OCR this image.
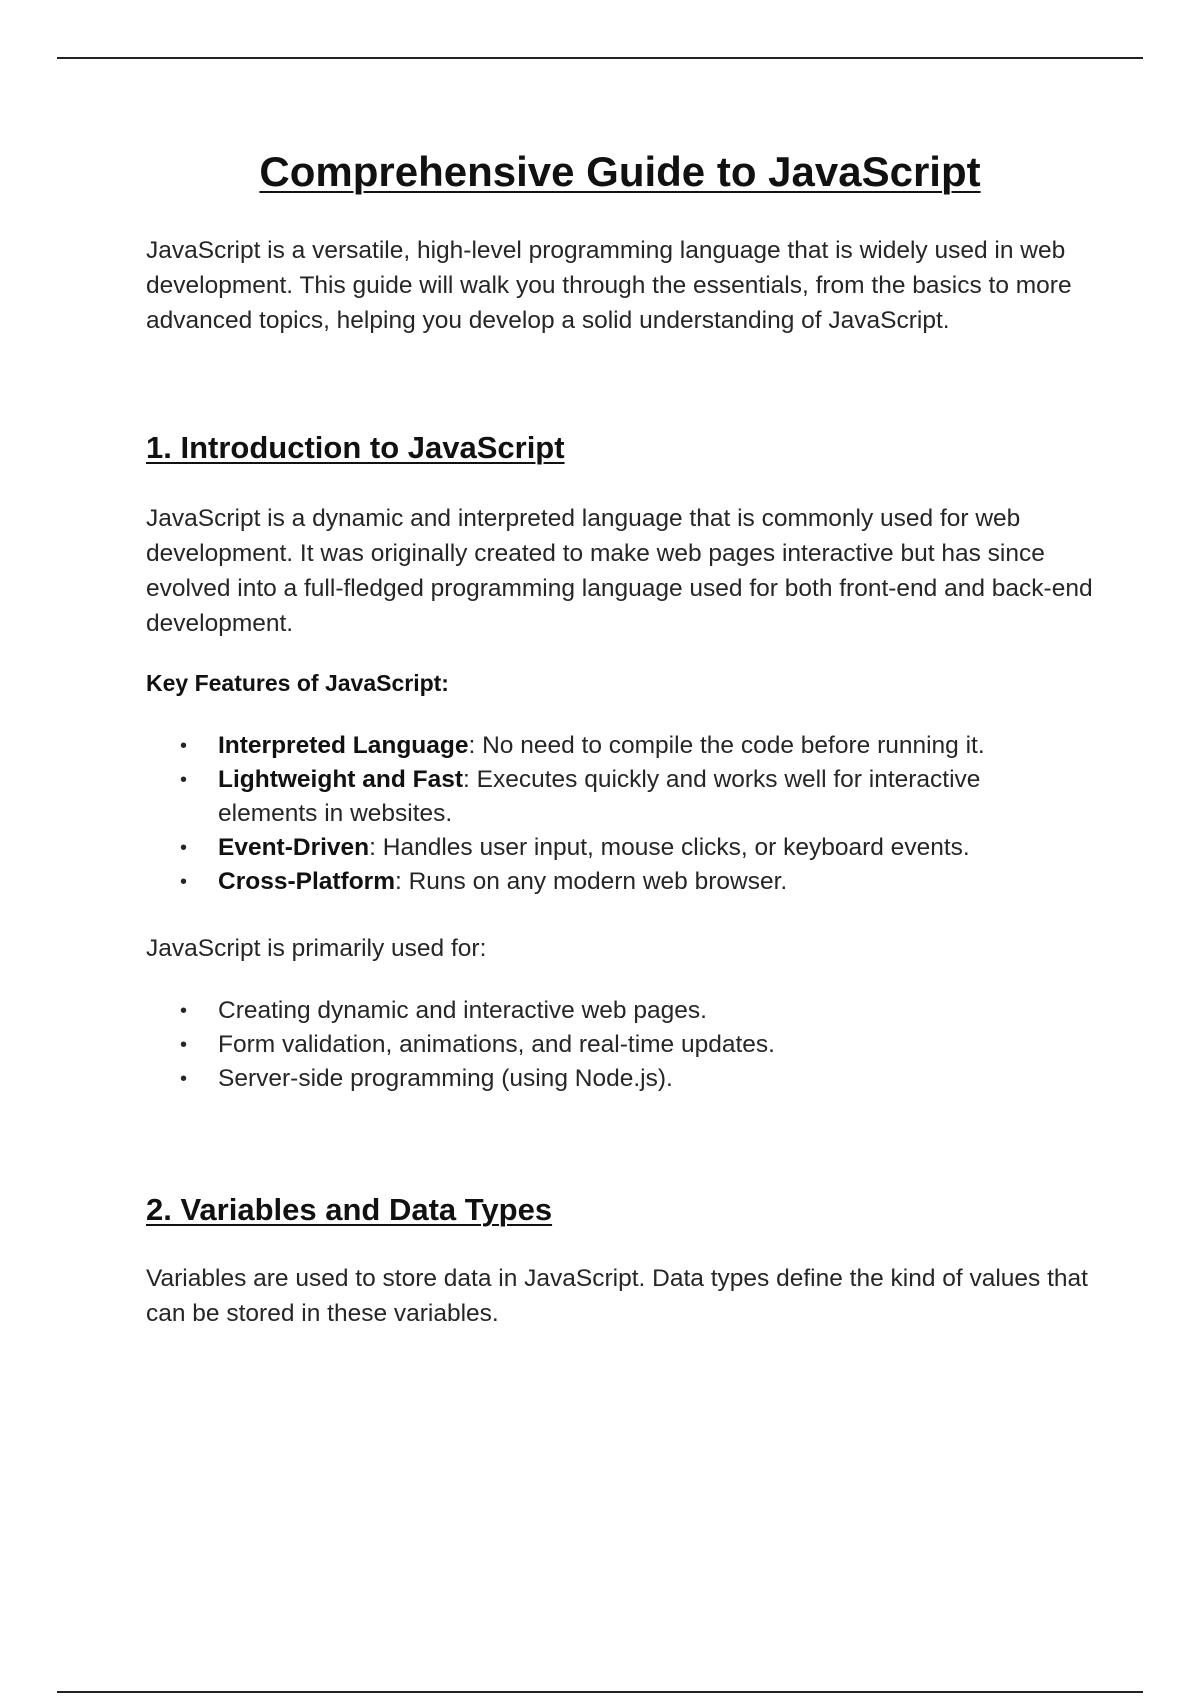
Comprehensive Guide to JavaScript

JavaScript is a versatile, high-level programming language that is widely used in web development. This guide will walk you through the essentials, from the basics to more advanced topics, helping you develop a solid understanding of JavaScript.

1. Introduction to JavaScript

JavaScript is a dynamic and interpreted language that is commonly used for web development. It was originally created to make web pages interactive but has since evolved into a full-fledged programming language used for both front-end and back-end development.

Key Features of JavaScript:

• Interpreted Language: No need to compile the code before running it.
• Lightweight and Fast: Executes quickly and works well for interactive elements in websites.
• Event-Driven: Handles user input, mouse clicks, or keyboard events.
• Cross-Platform: Runs on any modern web browser.

JavaScript is primarily used for:

• Creating dynamic and interactive web pages.
• Form validation, animations, and real-time updates.
• Server-side programming (using Node.js).
2. Variables and Data Types

Variables are used to store data in JavaScript. Data types define the kind of values that can be stored in these variables.
